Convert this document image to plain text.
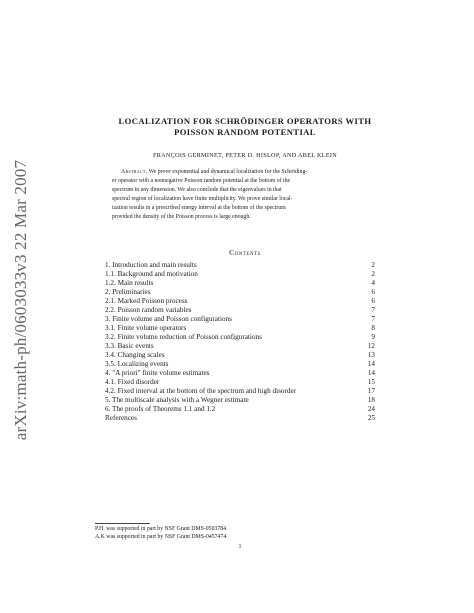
arXiv:math-ph/0603033v3 22 Mar 2007
LOCALIZATION FOR SCHRÖDINGER OPERATORS WITH
POISSON RANDOM POTENTIAL
FRANÇOIS GERMINET, PETER D. HISLOP, AND ABEL KLEIN
Abstract. We prove exponential and dynamical localization for the Schröding-
er operator with a nonnegative Poisson random potential at the bottom of the
spectrum in any dimension. We also conclude that the eigenvalues in that
spectral region of localization have finite multiplicity. We prove similar local-
ization results in a prescribed energy interval at the bottom of the spectrum
provided the density of the Poisson process is large enough.
Contents
1. Introduction and main results	2
1.1. Background and motivation	2
1.2. Main results	4
2. Preliminaries	6
2.1. Marked Poisson process	6
2.2. Poisson random variables	7
3. Finite volume and Poisson configurations	7
3.1. Finite volume operators	8
3.2. Finite volume reduction of Poisson configurations	9
3.3. Basic events	12
3.4. Changing scales	13
3.5. Localizing events	14
4. "A priori" finite volume estimates	14
4.1. Fixed disorder	15
4.2. Fixed interval at the bottom of the spectrum and high disorder	17
5. The multiscale analysis with a Wegner estimate	18
6. The proofs of Theorems 1.1 and 1.2	24
References	25
P.H. was supported in part by NSF Grant DMS-0503784.
A.K was supported in part by NSF Grant DMS-0457474.
1
